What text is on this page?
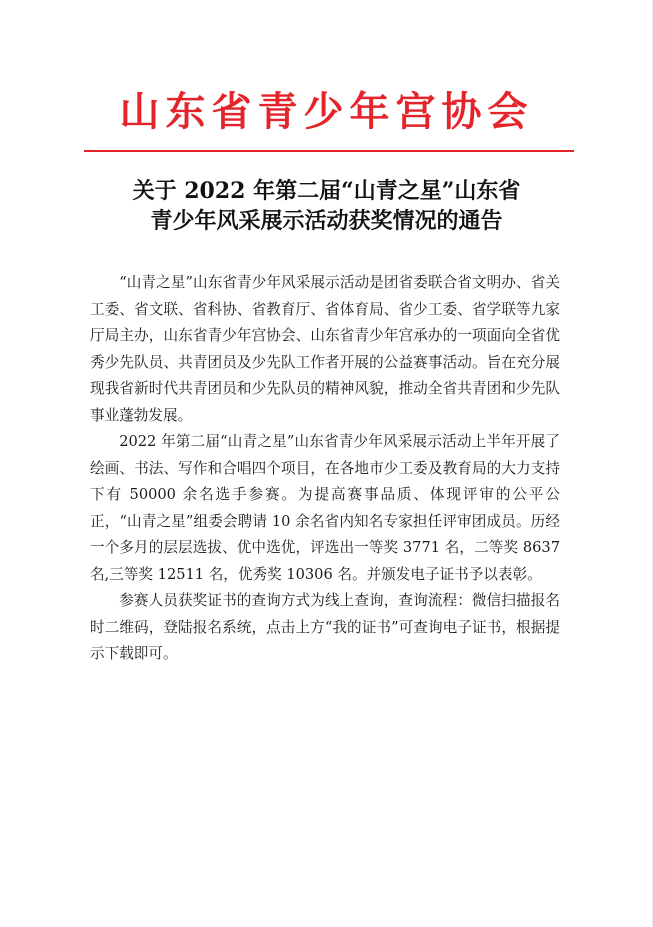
山东省青少年宫协会
关于 2022 年第二届“山青之星”山东省
青少年风采展示活动获奖情况的通告

“山青之星”山东省青少年风采展示活动是团省委联合省文明办、省关工委、省文联、省科协、省教育厅、省体育局、省少工委、省学联等九家厅局主办，山东省青少年宫协会、山东省青少年宫承办的一项面向全省优秀少先队员、共青团员及少先队工作者开展的公益赛事活动。旨在充分展现我省新时代共青团员和少先队员的精神风貌，推动全省共青团和少先队事业蓬勃发展。

2022 年第二届“山青之星”山东省青少年风采展示活动上半年开展了绘画、书法、写作和合唱四个项目，在各地市少工委及教育局的大力支持下有 50000 余名选手参赛。为提高赛事品质、体现评审的公平公正，“山青之星”组委会聘请 10 余名省内知名专家担任评审团成员。历经一个多月的层层选拔、优中选优，评选出一等奖 3771 名，二等奖 8637 名,三等奖 12511 名，优秀奖 10306 名。并颁发电子证书予以表彰。

参赛人员获奖证书的查询方式为线上查询，查询流程：微信扫描报名时二维码，登陆报名系统，点击上方“我的证书”可查询电子证书，根据提示下载即可。
